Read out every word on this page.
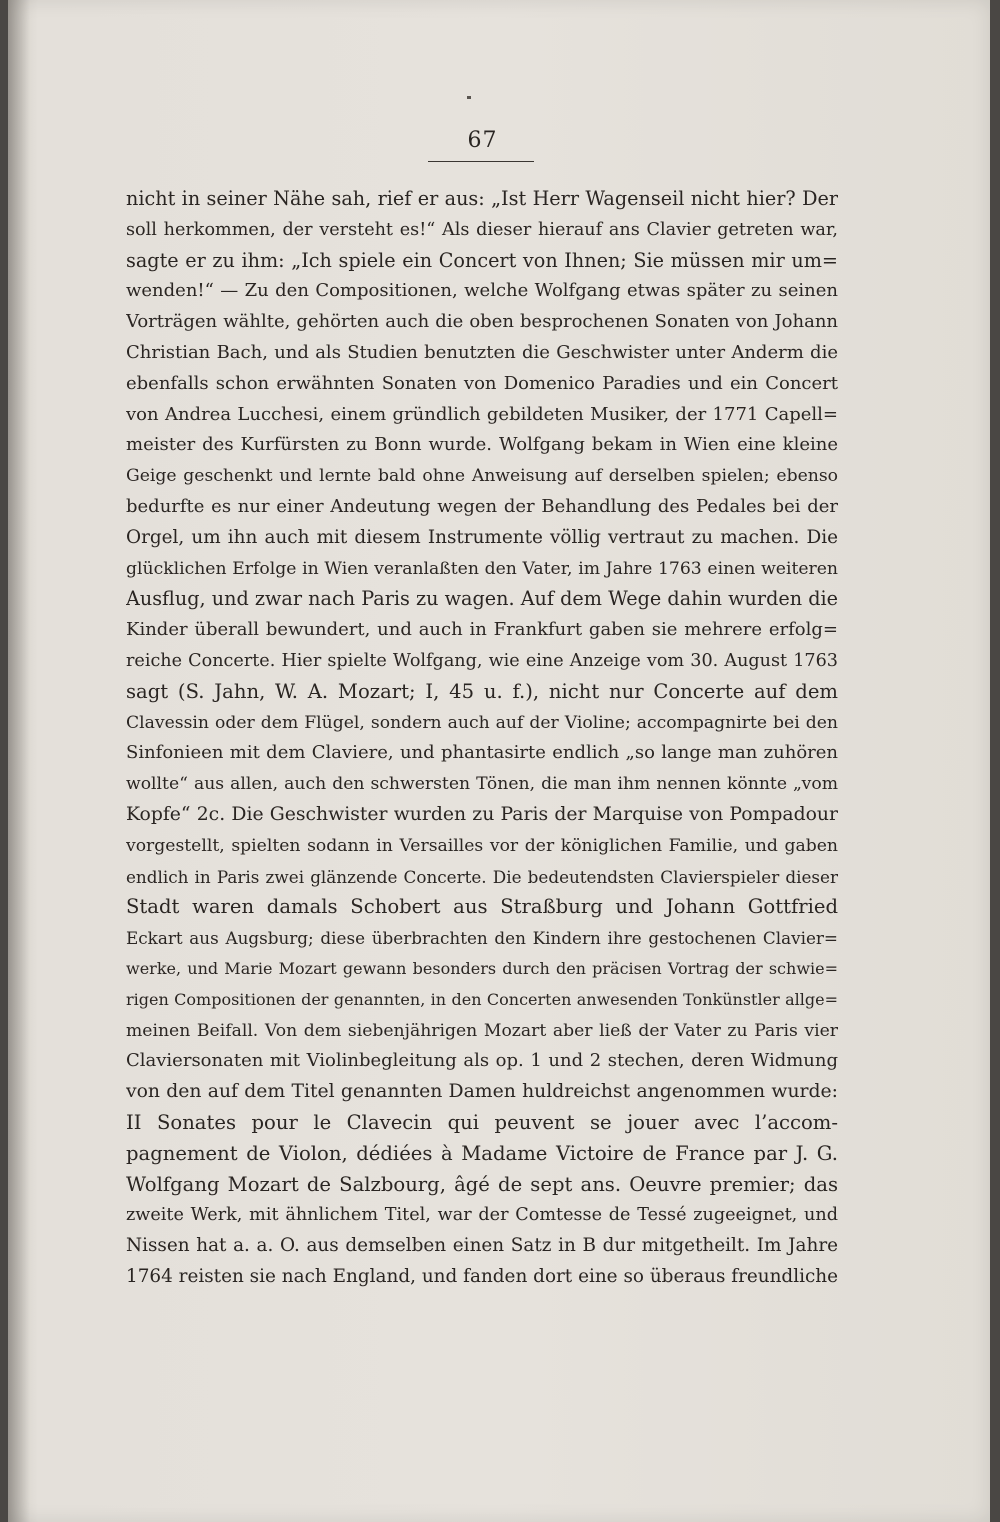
67
nicht in seiner Nähe sah, rief er aus: „Ist Herr Wagenseil nicht hier? Der
soll herkommen, der versteht es!“ Als dieser hierauf ans Clavier getreten war,
sagte er zu ihm: „Ich spiele ein Concert von Ihnen; Sie müssen mir um=
wenden!“ — Zu den Compositionen, welche Wolfgang etwas später zu seinen
Vorträgen wählte, gehörten auch die oben besprochenen Sonaten von Johann
Christian Bach, und als Studien benutzten die Geschwister unter Anderm die
ebenfalls schon erwähnten Sonaten von Domenico Paradies und ein Concert
von Andrea Lucchesi, einem gründlich gebildeten Musiker, der 1771 Capell=
meister des Kurfürsten zu Bonn wurde. Wolfgang bekam in Wien eine kleine
Geige geschenkt und lernte bald ohne Anweisung auf derselben spielen; ebenso
bedurfte es nur einer Andeutung wegen der Behandlung des Pedales bei der
Orgel, um ihn auch mit diesem Instrumente völlig vertraut zu machen. Die
glücklichen Erfolge in Wien veranlaßten den Vater, im Jahre 1763 einen weiteren
Ausflug, und zwar nach Paris zu wagen. Auf dem Wege dahin wurden die
Kinder überall bewundert, und auch in Frankfurt gaben sie mehrere erfolg=
reiche Concerte. Hier spielte Wolfgang, wie eine Anzeige vom 30. August 1763
sagt (S. Jahn, W. A. Mozart; I, 45 u. f.), nicht nur Concerte auf dem
Clavessin oder dem Flügel, sondern auch auf der Violine; accompagnirte bei den
Sinfonieen mit dem Claviere, und phantasirte endlich „so lange man zuhören
wollte“ aus allen, auch den schwersten Tönen, die man ihm nennen könnte „vom
Kopfe“ 2c. Die Geschwister wurden zu Paris der Marquise von Pompadour
vorgestellt, spielten sodann in Versailles vor der königlichen Familie, und gaben
endlich in Paris zwei glänzende Concerte. Die bedeutendsten Clavierspieler dieser
Stadt waren damals Schobert aus Straßburg und Johann Gottfried
Eckart aus Augsburg; diese überbrachten den Kindern ihre gestochenen Clavier=
werke, und Marie Mozart gewann besonders durch den präcisen Vortrag der schwie=
rigen Compositionen der genannten, in den Concerten anwesenden Tonkünstler allge=
meinen Beifall. Von dem siebenjährigen Mozart aber ließ der Vater zu Paris vier
Claviersonaten mit Violinbegleitung als op. 1 und 2 stechen, deren Widmung
von den auf dem Titel genannten Damen huldreichst angenommen wurde:
II Sonates pour le Clavecin qui peuvent se jouer avec l’accom-
pagnement de Violon, dédiées à Madame Victoire de France par J. G.
Wolfgang Mozart de Salzbourg, âgé de sept ans. Oeuvre premier; das
zweite Werk, mit ähnlichem Titel, war der Comtesse de Tessé zugeeignet, und
Nissen hat a. a. O. aus demselben einen Satz in B dur mitgetheilt. Im Jahre
1764 reisten sie nach England, und fanden dort eine so überaus freundliche
